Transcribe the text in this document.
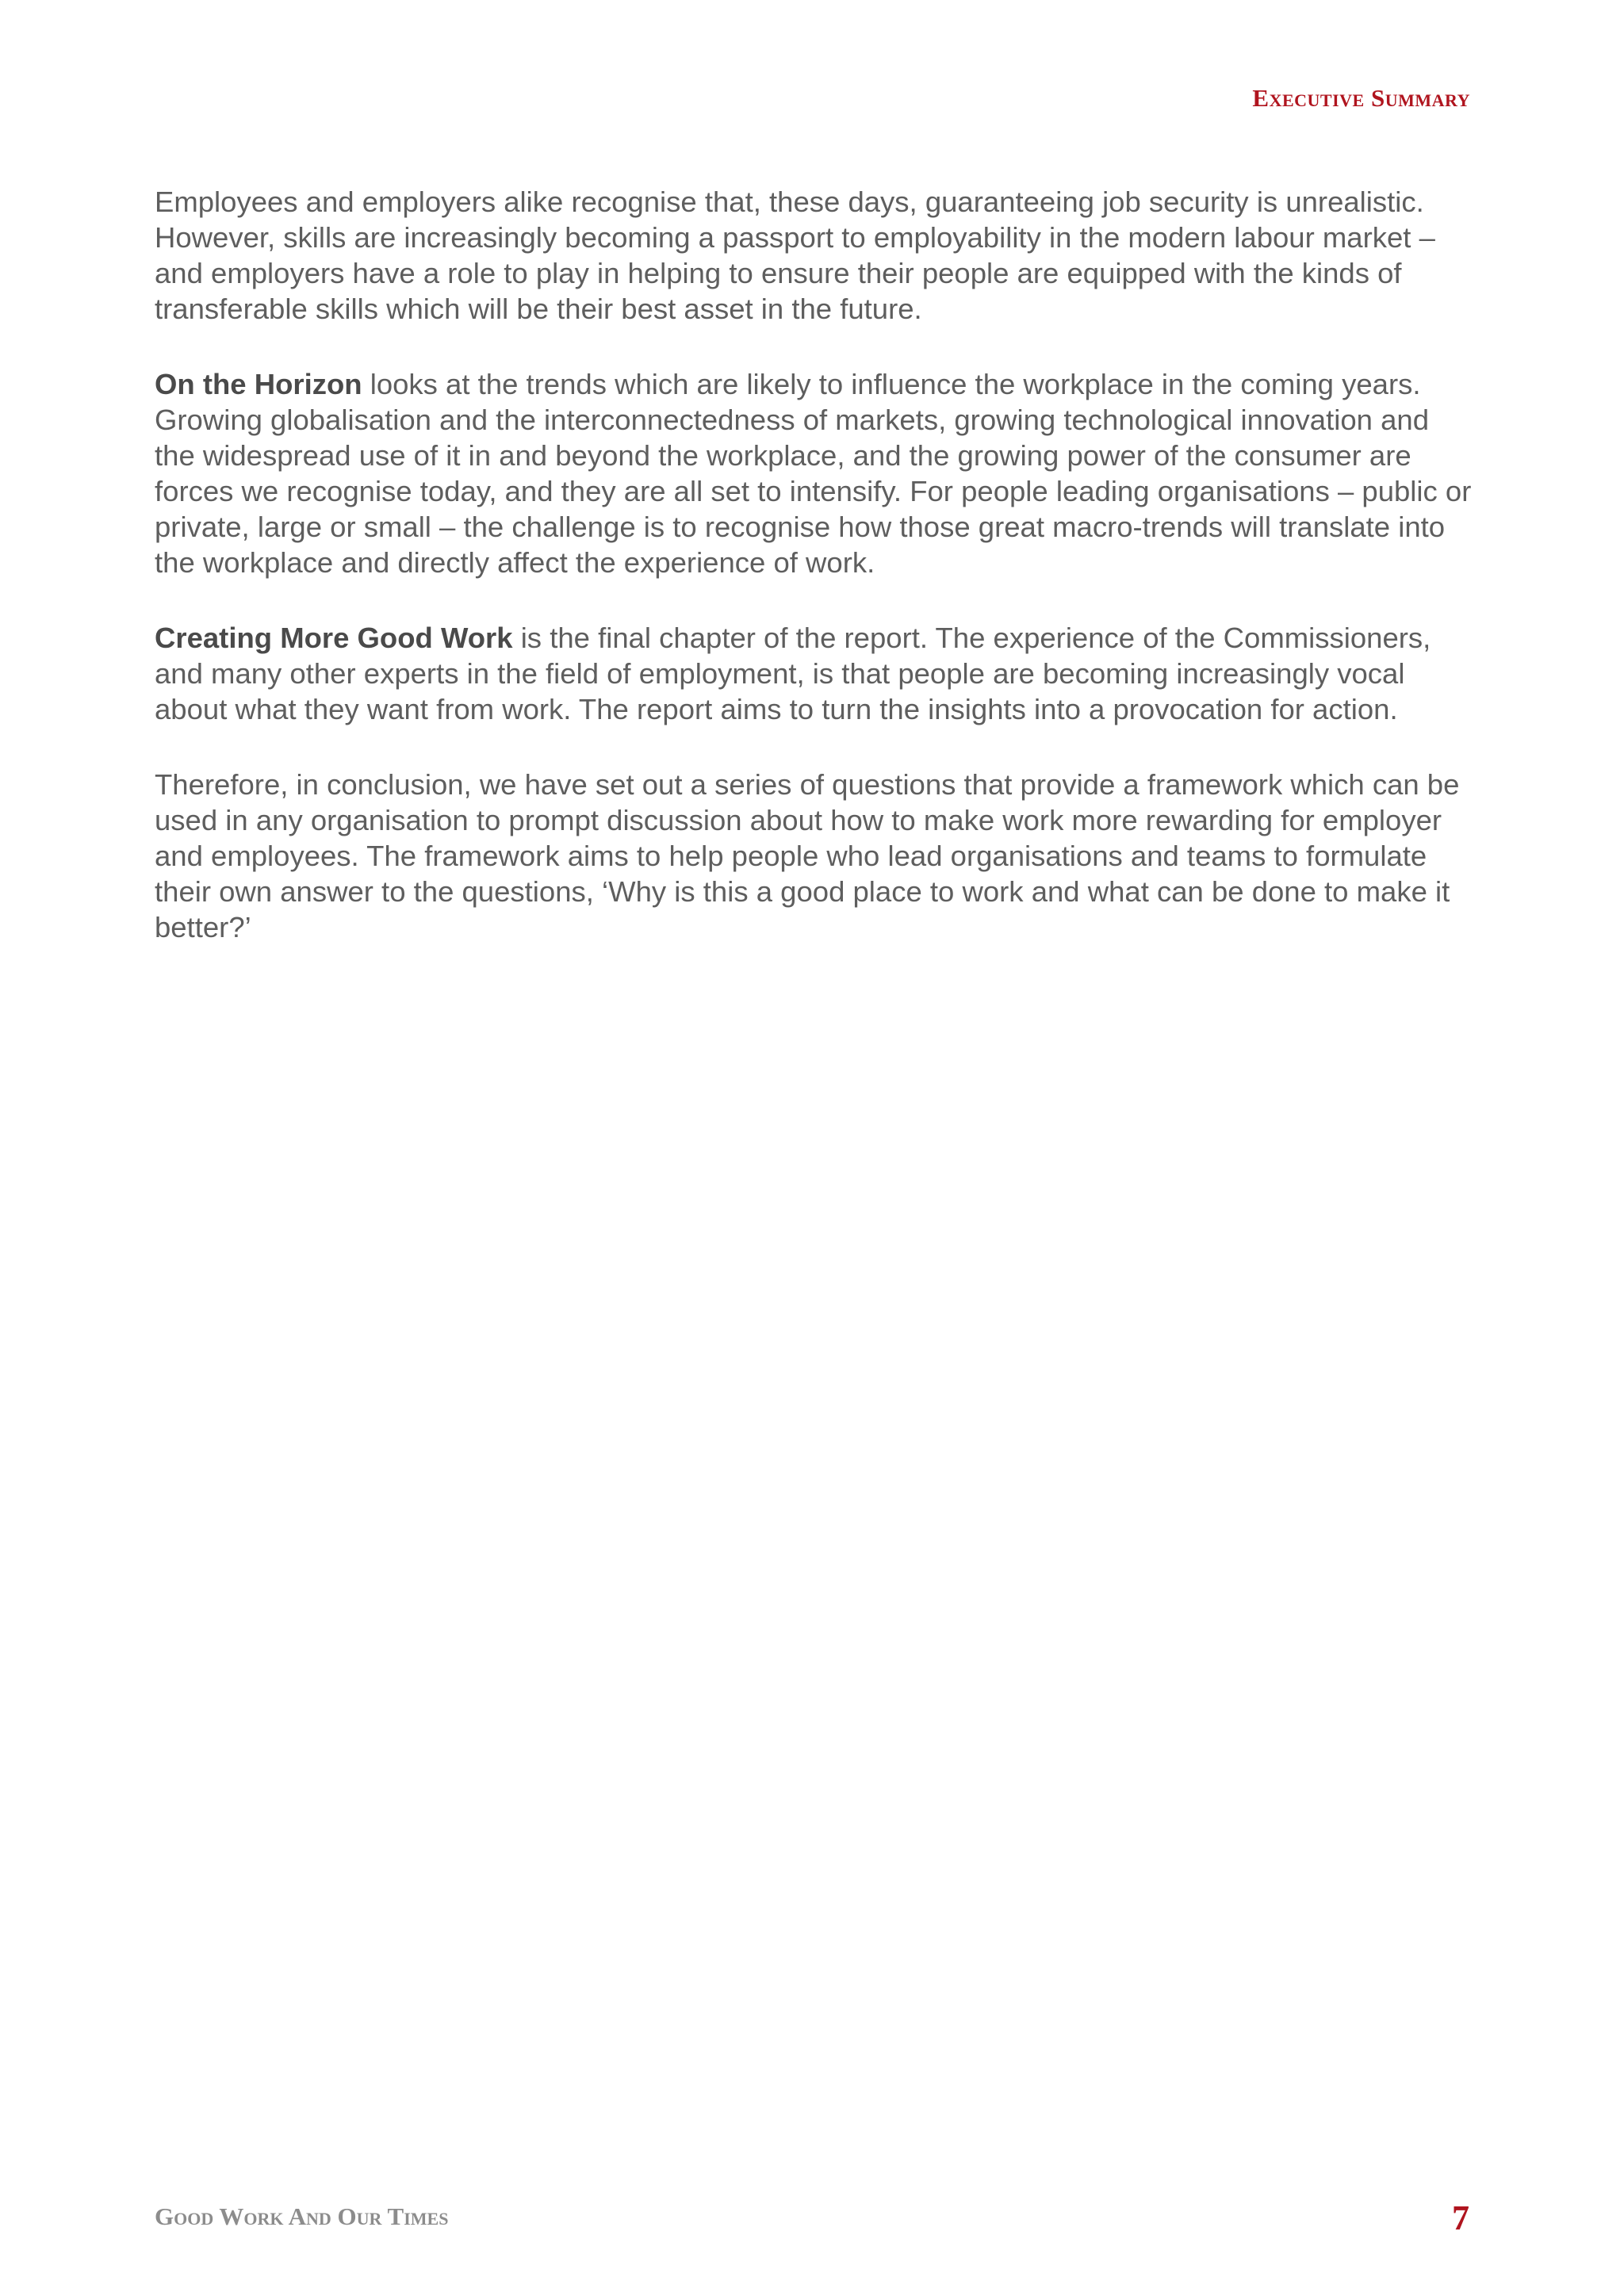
Executive Summary

Employees and employers alike recognise that, these days, guaranteeing job security is unrealistic. However, skills are increasingly becoming a passport to employability in the modern labour market – and employers have a role to play in helping to ensure their people are equipped with the kinds of transferable skills which will be their best asset in the future.

On the Horizon looks at the trends which are likely to influence the workplace in the coming years. Growing globalisation and the interconnectedness of markets, growing technological innovation and the widespread use of it in and beyond the workplace, and the growing power of the consumer are forces we recognise today, and they are all set to intensify. For people leading organisations – public or private, large or small – the challenge is to recognise how those great macro-trends will translate into the workplace and directly affect the experience of work.

Creating More Good Work is the final chapter of the report. The experience of the Commissioners, and many other experts in the field of employment, is that people are becoming increasingly vocal about what they want from work. The report aims to turn the insights into a provocation for action.

Therefore, in conclusion, we have set out a series of questions that provide a framework which can be used in any organisation to prompt discussion about how to make work more rewarding for employer and employees. The framework aims to help people who lead organisations and teams to formulate their own answer to the questions, ‘Why is this a good place to work and what can be done to make it better?’

Good Work And Our Times	7
